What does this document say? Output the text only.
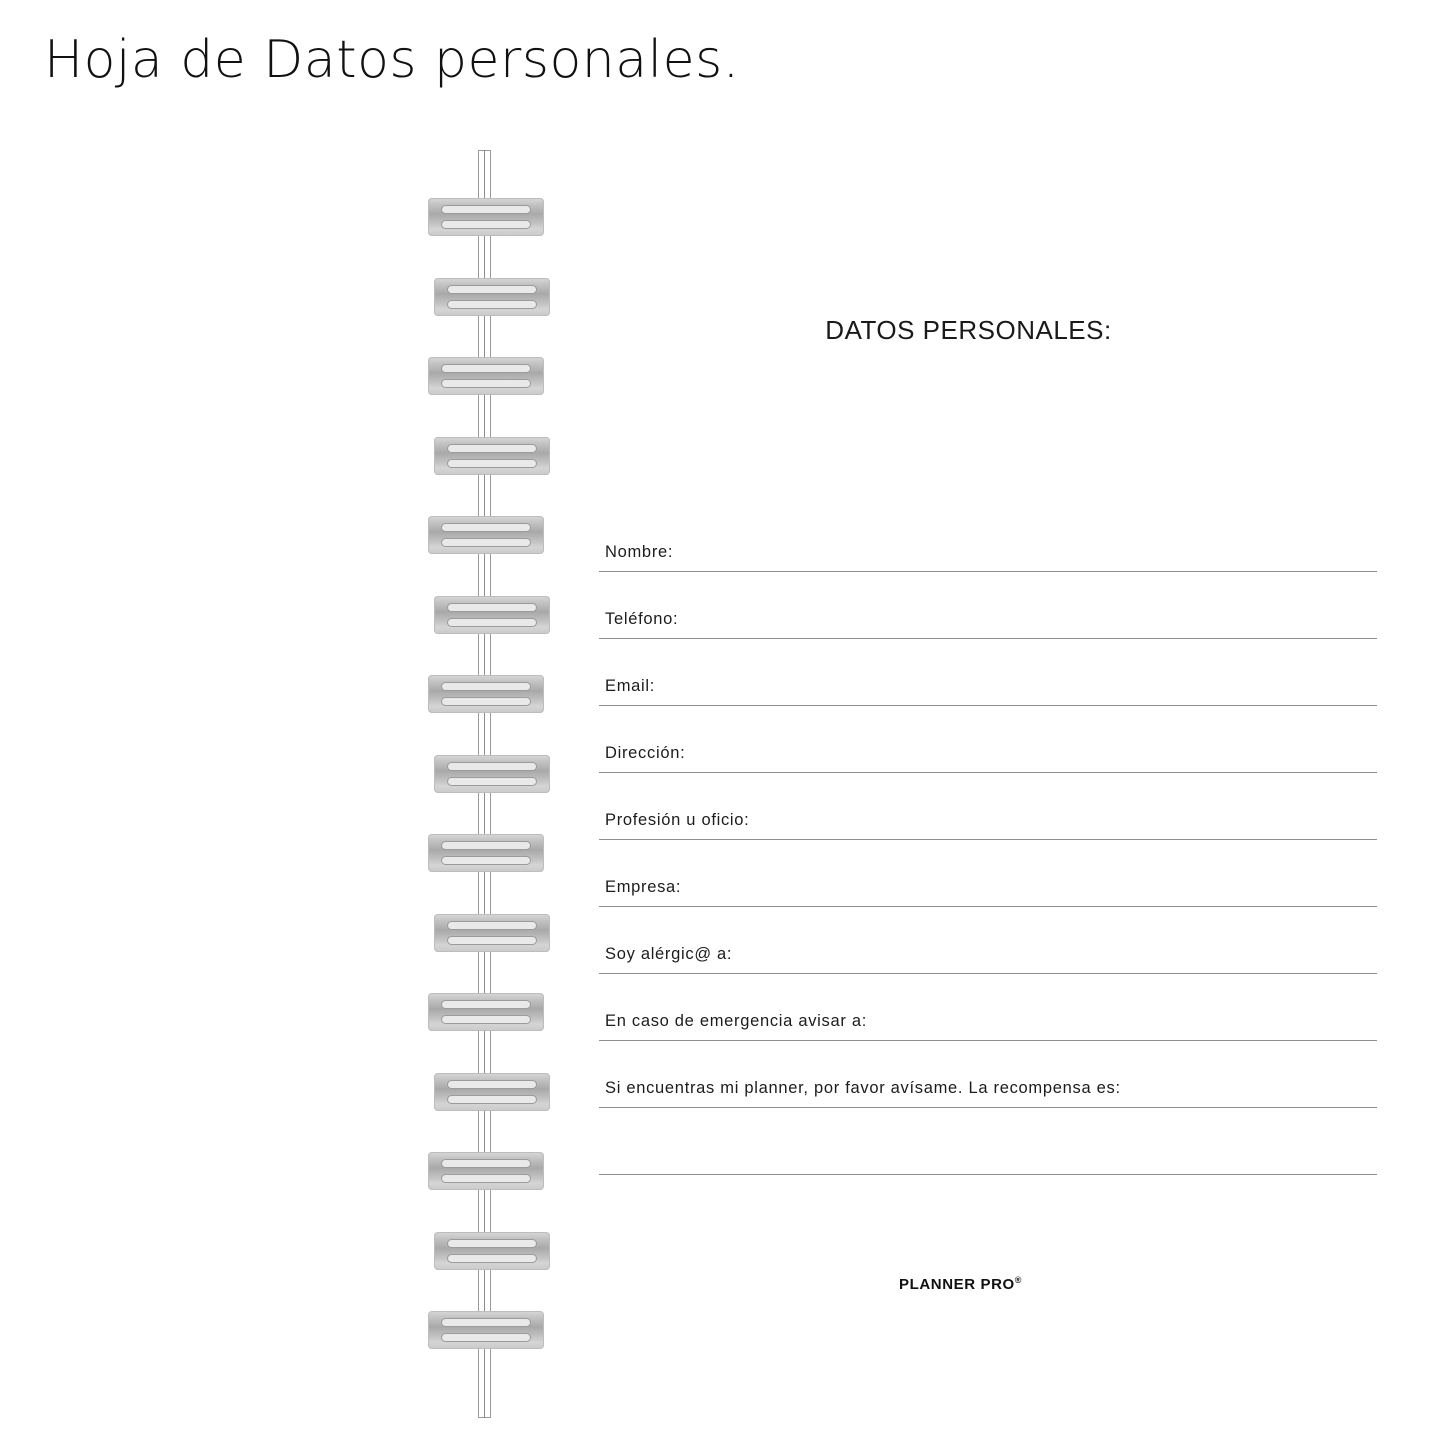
Hoja de Datos personales.
DATOS PERSONALES:
Nombre:
Teléfono:
Email:
Dirección:
Profesión u oficio:
Empresa:
Soy alérgic@ a:
En caso de emergencia avisar a:
Si encuentras mi planner, por favor avísame. La recompensa es:
PLANNER PRO®
